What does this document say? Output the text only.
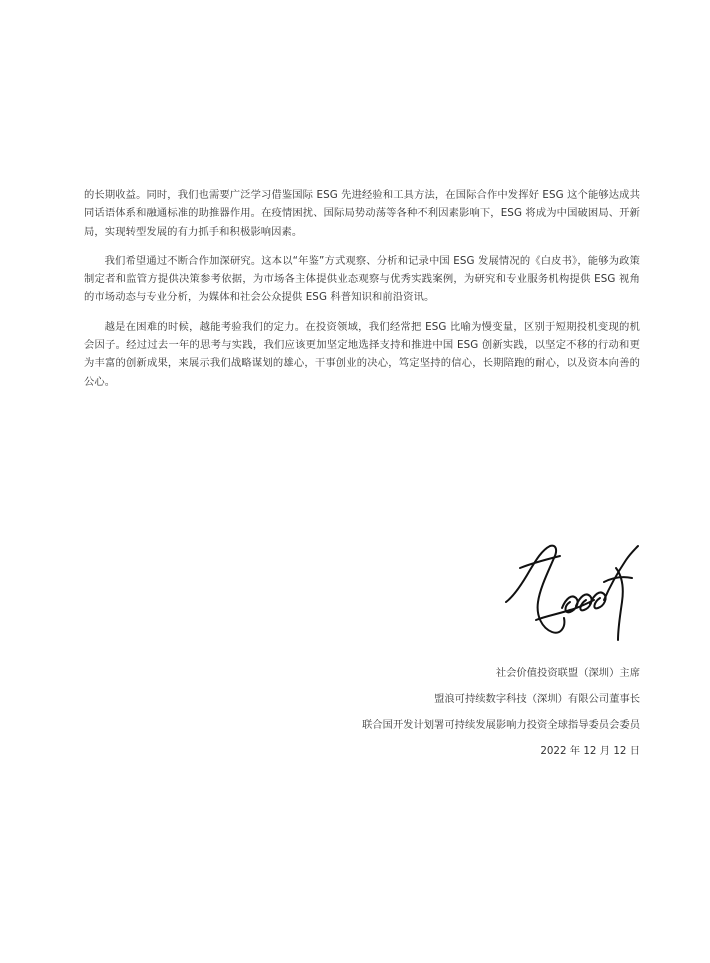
的长期收益。同时，我们也需要广泛学习借鉴国际 ESG 先进经验和工具方法，在国际合作中发挥好 ESG 这个能够达成共同话语体系和融通标准的助推器作用。在疫情困扰、国际局势动荡等各种不利因素影响下，ESG 将成为中国破困局、开新局，实现转型发展的有力抓手和积极影响因素。

我们希望通过不断合作加深研究。这本以“年鉴”方式观察、分析和记录中国 ESG 发展情况的《白皮书》，能够为政策制定者和监管方提供决策参考依据，为市场各主体提供业态观察与优秀实践案例，为研究和专业服务机构提供 ESG 视角的市场动态与专业分析，为媒体和社会公众提供 ESG 科普知识和前沿资讯。

越是在困难的时候，越能考验我们的定力。在投资领域，我们经常把 ESG 比喻为慢变量，区别于短期投机变现的机会因子。经过过去一年的思考与实践，我们应该更加坚定地选择支持和推进中国 ESG 创新实践，以坚定不移的行动和更为丰富的创新成果，来展示我们战略谋划的雄心，干事创业的决心，笃定坚持的信心，长期陪跑的耐心，以及资本向善的公心。

社会价值投资联盟（深圳）主席
盟浪可持续数字科技（深圳）有限公司董事长
联合国开发计划署可持续发展影响力投资全球指导委员会委员
2022 年 12 月 12 日
